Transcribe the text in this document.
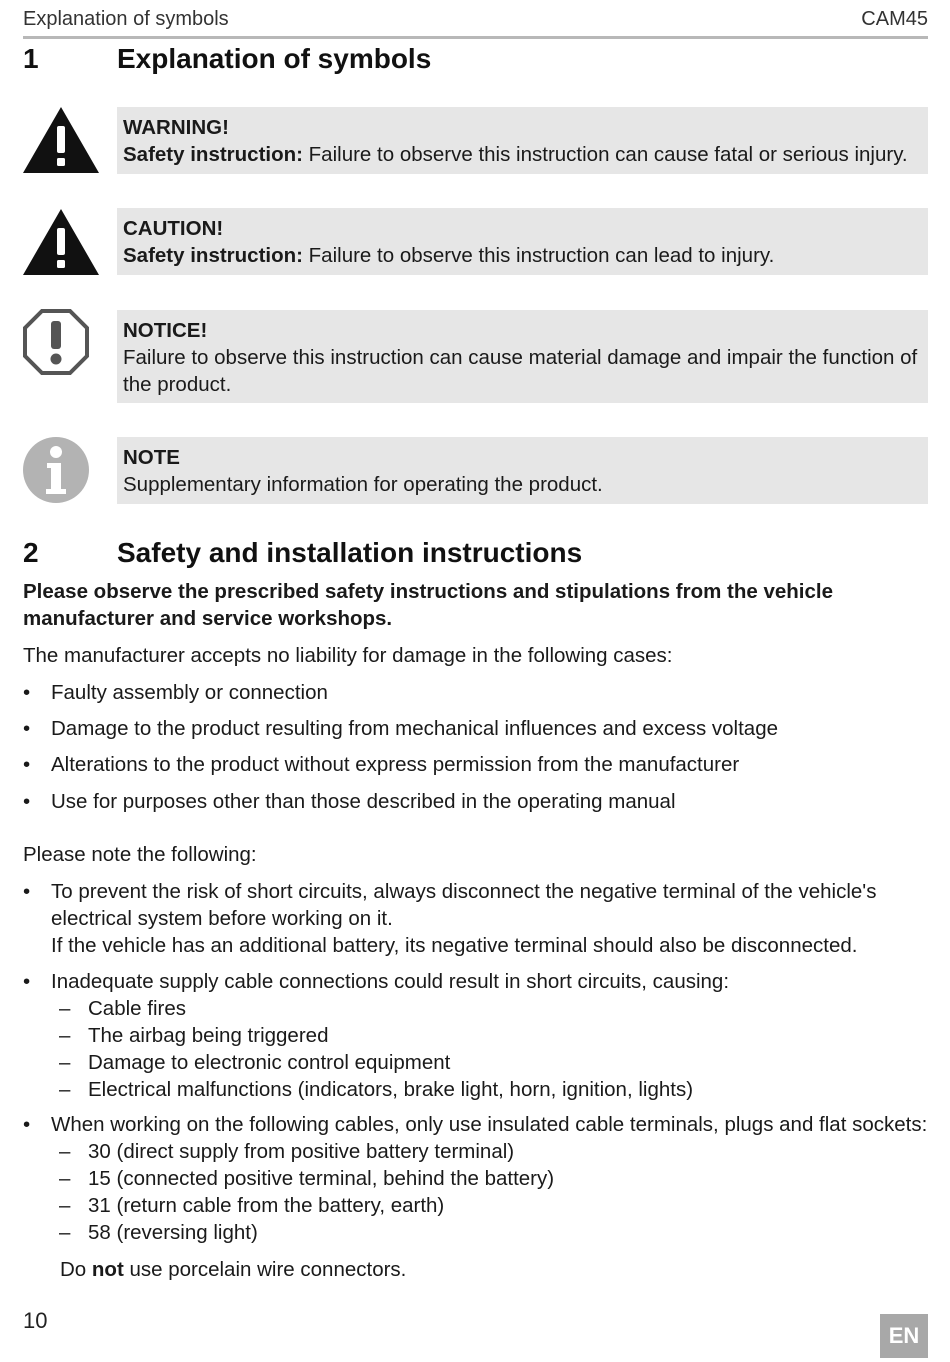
Explanation of symbols	CAM45
1	Explanation of symbols
WARNING!
Safety instruction: Failure to observe this instruction can cause fatal or serious injury.
CAUTION!
Safety instruction: Failure to observe this instruction can lead to injury.
NOTICE!
Failure to observe this instruction can cause material damage and impair the function of the product.
NOTE
Supplementary information for operating the product.
2	Safety and installation instructions
Please observe the prescribed safety instructions and stipulations from the vehicle manufacturer and service workshops.
The manufacturer accepts no liability for damage in the following cases:
• Faulty assembly or connection
• Damage to the product resulting from mechanical influences and excess voltage
• Alterations to the product without express permission from the manufacturer
• Use for purposes other than those described in the operating manual
Please note the following:
• To prevent the risk of short circuits, always disconnect the negative terminal of the vehicle's electrical system before working on it.
If the vehicle has an additional battery, its negative terminal should also be disconnected.
• Inadequate supply cable connections could result in short circuits, causing:
– Cable fires
– The airbag being triggered
– Damage to electronic control equipment
– Electrical malfunctions (indicators, brake light, horn, ignition, lights)
• When working on the following cables, only use insulated cable terminals, plugs and flat sockets:
– 30 (direct supply from positive battery terminal)
– 15 (connected positive terminal, behind the battery)
– 31 (return cable from the battery, earth)
– 58 (reversing light)
Do not use porcelain wire connectors.
10
EN
